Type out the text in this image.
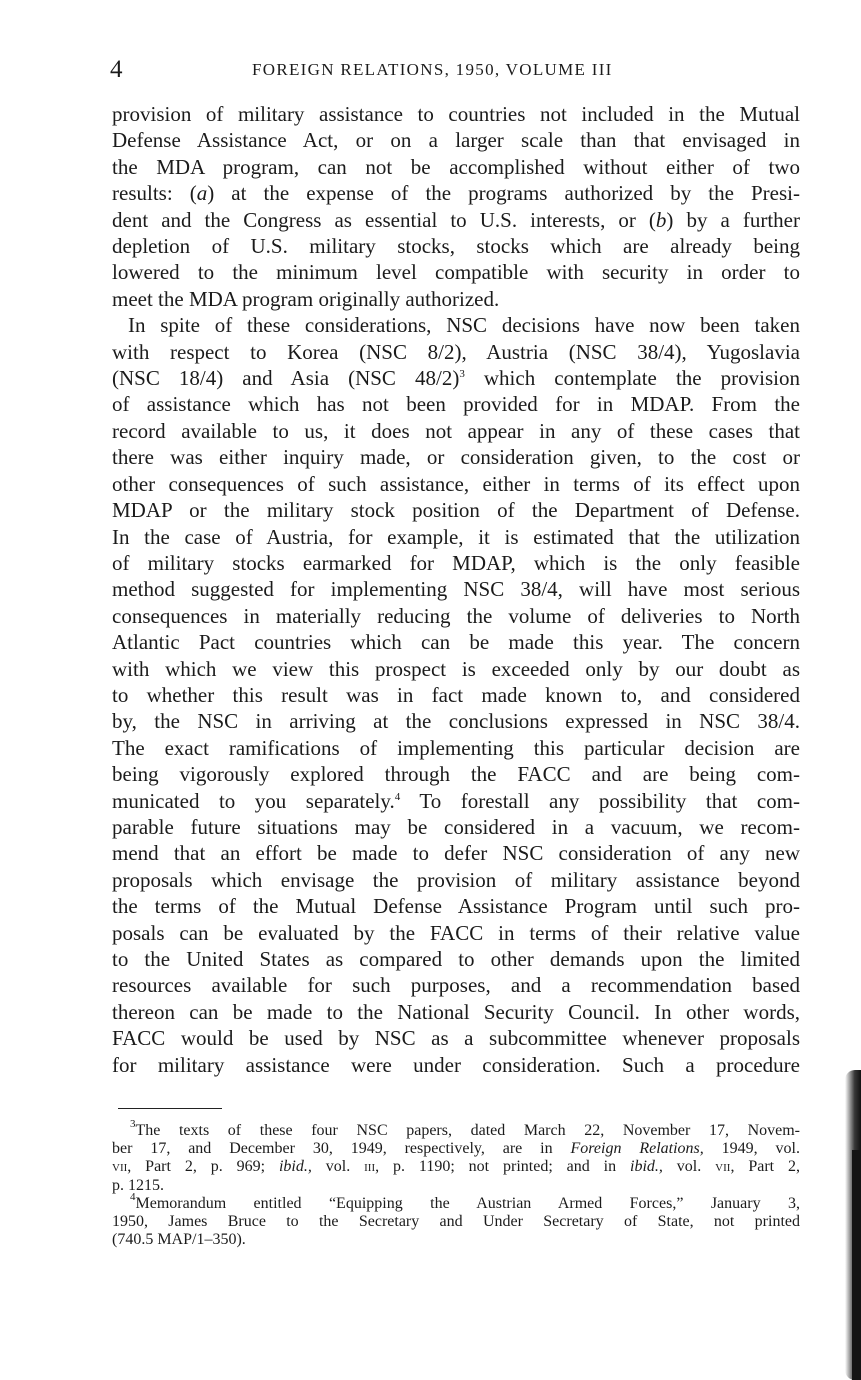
4	FOREIGN RELATIONS, 1950, VOLUME III

provision of military assistance to countries not included in the Mutual
Defense Assistance Act, or on a larger scale than that envisaged in
the MDA program, can not be accomplished without either of two
results: (a) at the expense of the programs authorized by the Presi-
dent and the Congress as essential to U.S. interests, or (b) by a further
depletion of U.S. military stocks, stocks which are already being
lowered to the minimum level compatible with security in order to
meet the MDA program originally authorized.

In spite of these considerations, NSC decisions have now been taken
with respect to Korea (NSC 8/2), Austria (NSC 38/4), Yugoslavia
(NSC 18/4) and Asia (NSC 48/2)$^3$ which contemplate the provision
of assistance which has not been provided for in MDAP. From the
record available to us, it does not appear in any of these cases that
there was either inquiry made, or consideration given, to the cost or
other consequences of such assistance, either in terms of its effect upon
MDAP or the military stock position of the Department of Defense.
In the case of Austria, for example, it is estimated that the utilization
of military stocks earmarked for MDAP, which is the only feasible
method suggested for implementing NSC 38/4, will have most serious
consequences in materially reducing the volume of deliveries to North
Atlantic Pact countries which can be made this year. The concern
with which we view this prospect is exceeded only by our doubt as
to whether this result was in fact made known to, and considered
by, the NSC in arriving at the conclusions expressed in NSC 38/4.
The exact ramifications of implementing this particular decision are
being vigorously explored through the FACC and are being com-
municated to you separately.$^4$ To forestall any possibility that com-
parable future situations may be considered in a vacuum, we recom-
mend that an effort be made to defer NSC consideration of any new
proposals which envisage the provision of military assistance beyond
the terms of the Mutual Defense Assistance Program until such pro-
posals can be evaluated by the FACC in terms of their relative value
to the United States as compared to other demands upon the limited
resources available for such purposes, and a recommendation based
thereon can be made to the National Security Council. In other words,
FACC would be used by NSC as a subcommittee whenever proposals
for military assistance were under consideration. Such a procedure

$^3$The texts of these four NSC papers, dated March 22, November 17, Novem-
ber 17, and December 30, 1949, respectively, are in Foreign Relations, 1949, vol.
vii, Part 2, p. 969; ibid., vol. iii, p. 1190; not printed; and in ibid., vol. vii, Part 2,
p. 1215.
$^4$Memorandum entitled “Equipping the Austrian Armed Forces,” January 3,
1950, James Bruce to the Secretary and Under Secretary of State, not printed
(740.5 MAP/1–350).
